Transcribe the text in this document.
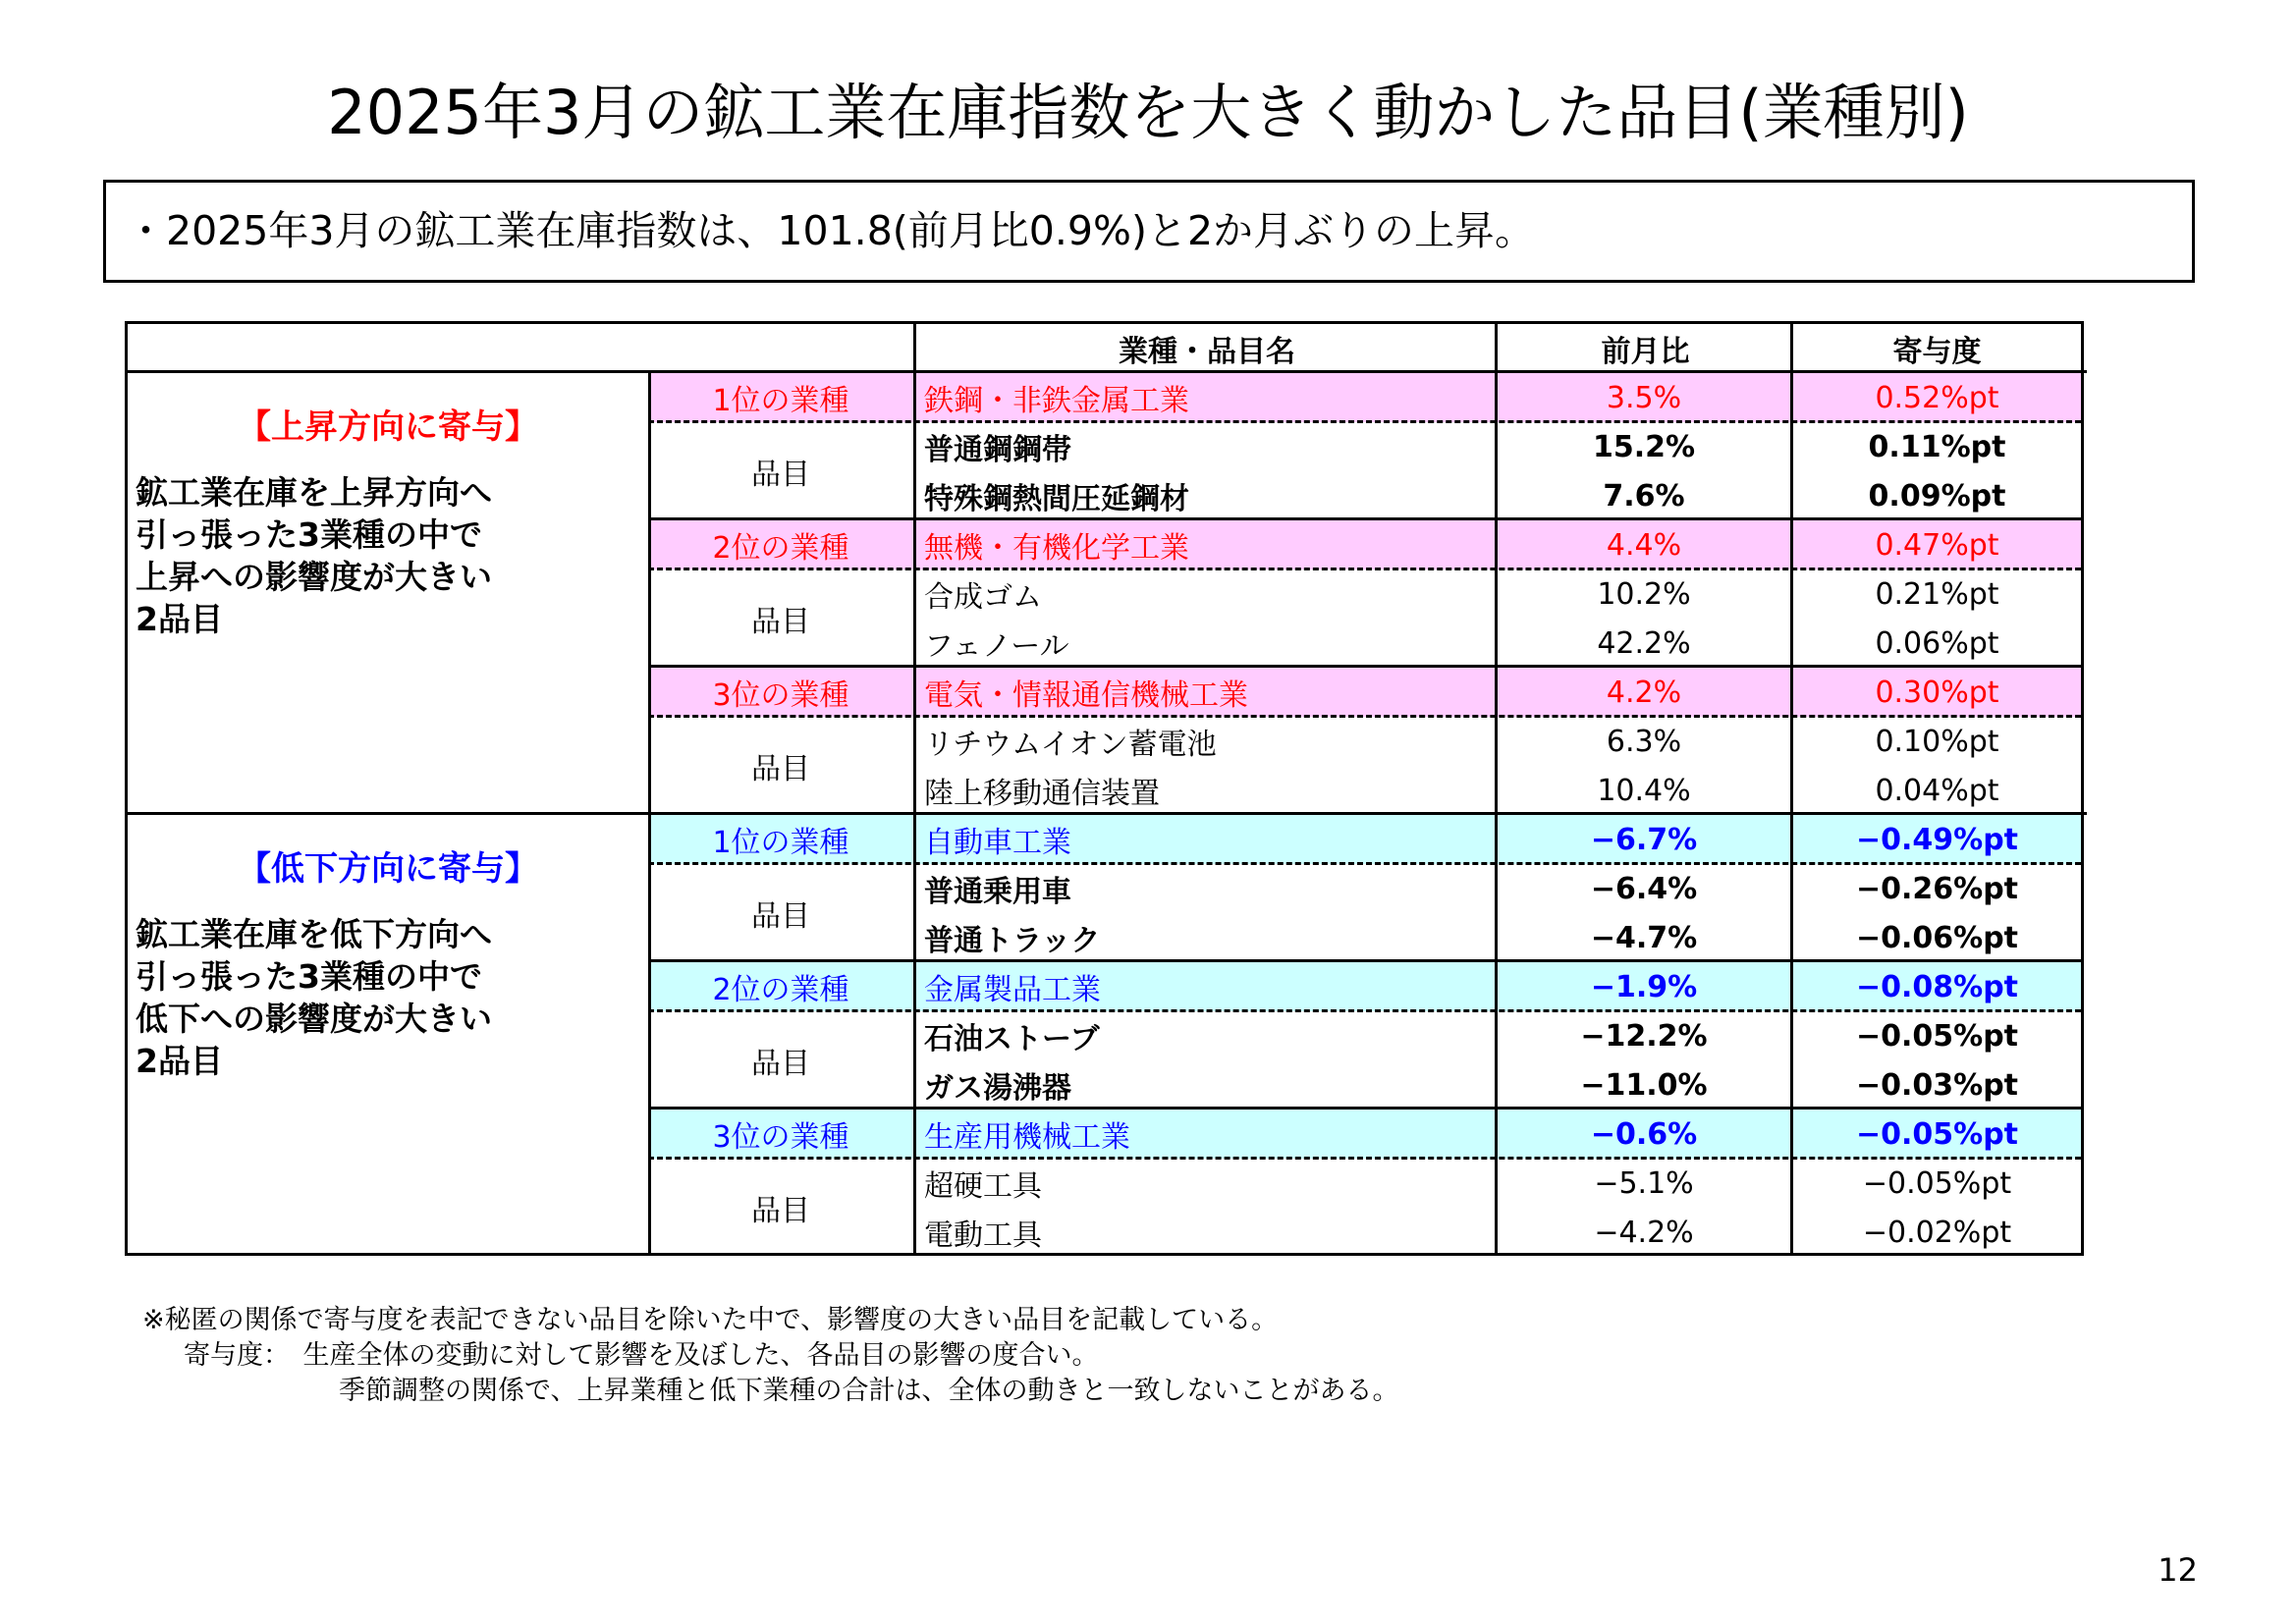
2025年3月の鉱工業在庫指数を大きく動かした品目(業種別)
・2025年3月の鉱工業在庫指数は、101.8(前月比0.9%)と2か月ぶりの上昇。
業種・品目名	前月比	寄与度
【上昇方向に寄与】
鉱工業在庫を上昇方向へ
引っ張った3業種の中で
上昇への影響度が大きい
2品目
【低下方向に寄与】
鉱工業在庫を低下方向へ
引っ張った3業種の中で
低下への影響度が大きい
2品目
1位の業種	鉄鋼・非鉄金属工業	3.5%	0.52%pt
品目
普通鋼鋼帯	15.2%	0.11%pt
特殊鋼熱間圧延鋼材	7.6%	0.09%pt
2位の業種	無機・有機化学工業	4.4%	0.47%pt
品目
合成ゴム	10.2%	0.21%pt
フェノール	42.2%	0.06%pt
3位の業種	電気・情報通信機械工業	4.2%	0.30%pt
品目
リチウムイオン蓄電池	6.3%	0.10%pt
陸上移動通信装置	10.4%	0.04%pt
1位の業種	自動車工業	−6.7%	−0.49%pt
品目
普通乗用車	−6.4%	−0.26%pt
普通トラック	−4.7%	−0.06%pt
2位の業種	金属製品工業	−1.9%	−0.08%pt
品目
石油ストーブ	−12.2%	−0.05%pt
ガス湯沸器	−11.0%	−0.03%pt
3位の業種	生産用機械工業	−0.6%	−0.05%pt
品目
超硬工具	−5.1%	−0.05%pt
電動工具	−4.2%	−0.02%pt
※秘匿の関係で寄与度を表記できない品目を除いた中で、影響度の大きい品目を記載している。
寄与度：　生産全体の変動に対して影響を及ぼした、各品目の影響の度合い。
季節調整の関係で、上昇業種と低下業種の合計は、全体の動きと一致しないことがある。
12
